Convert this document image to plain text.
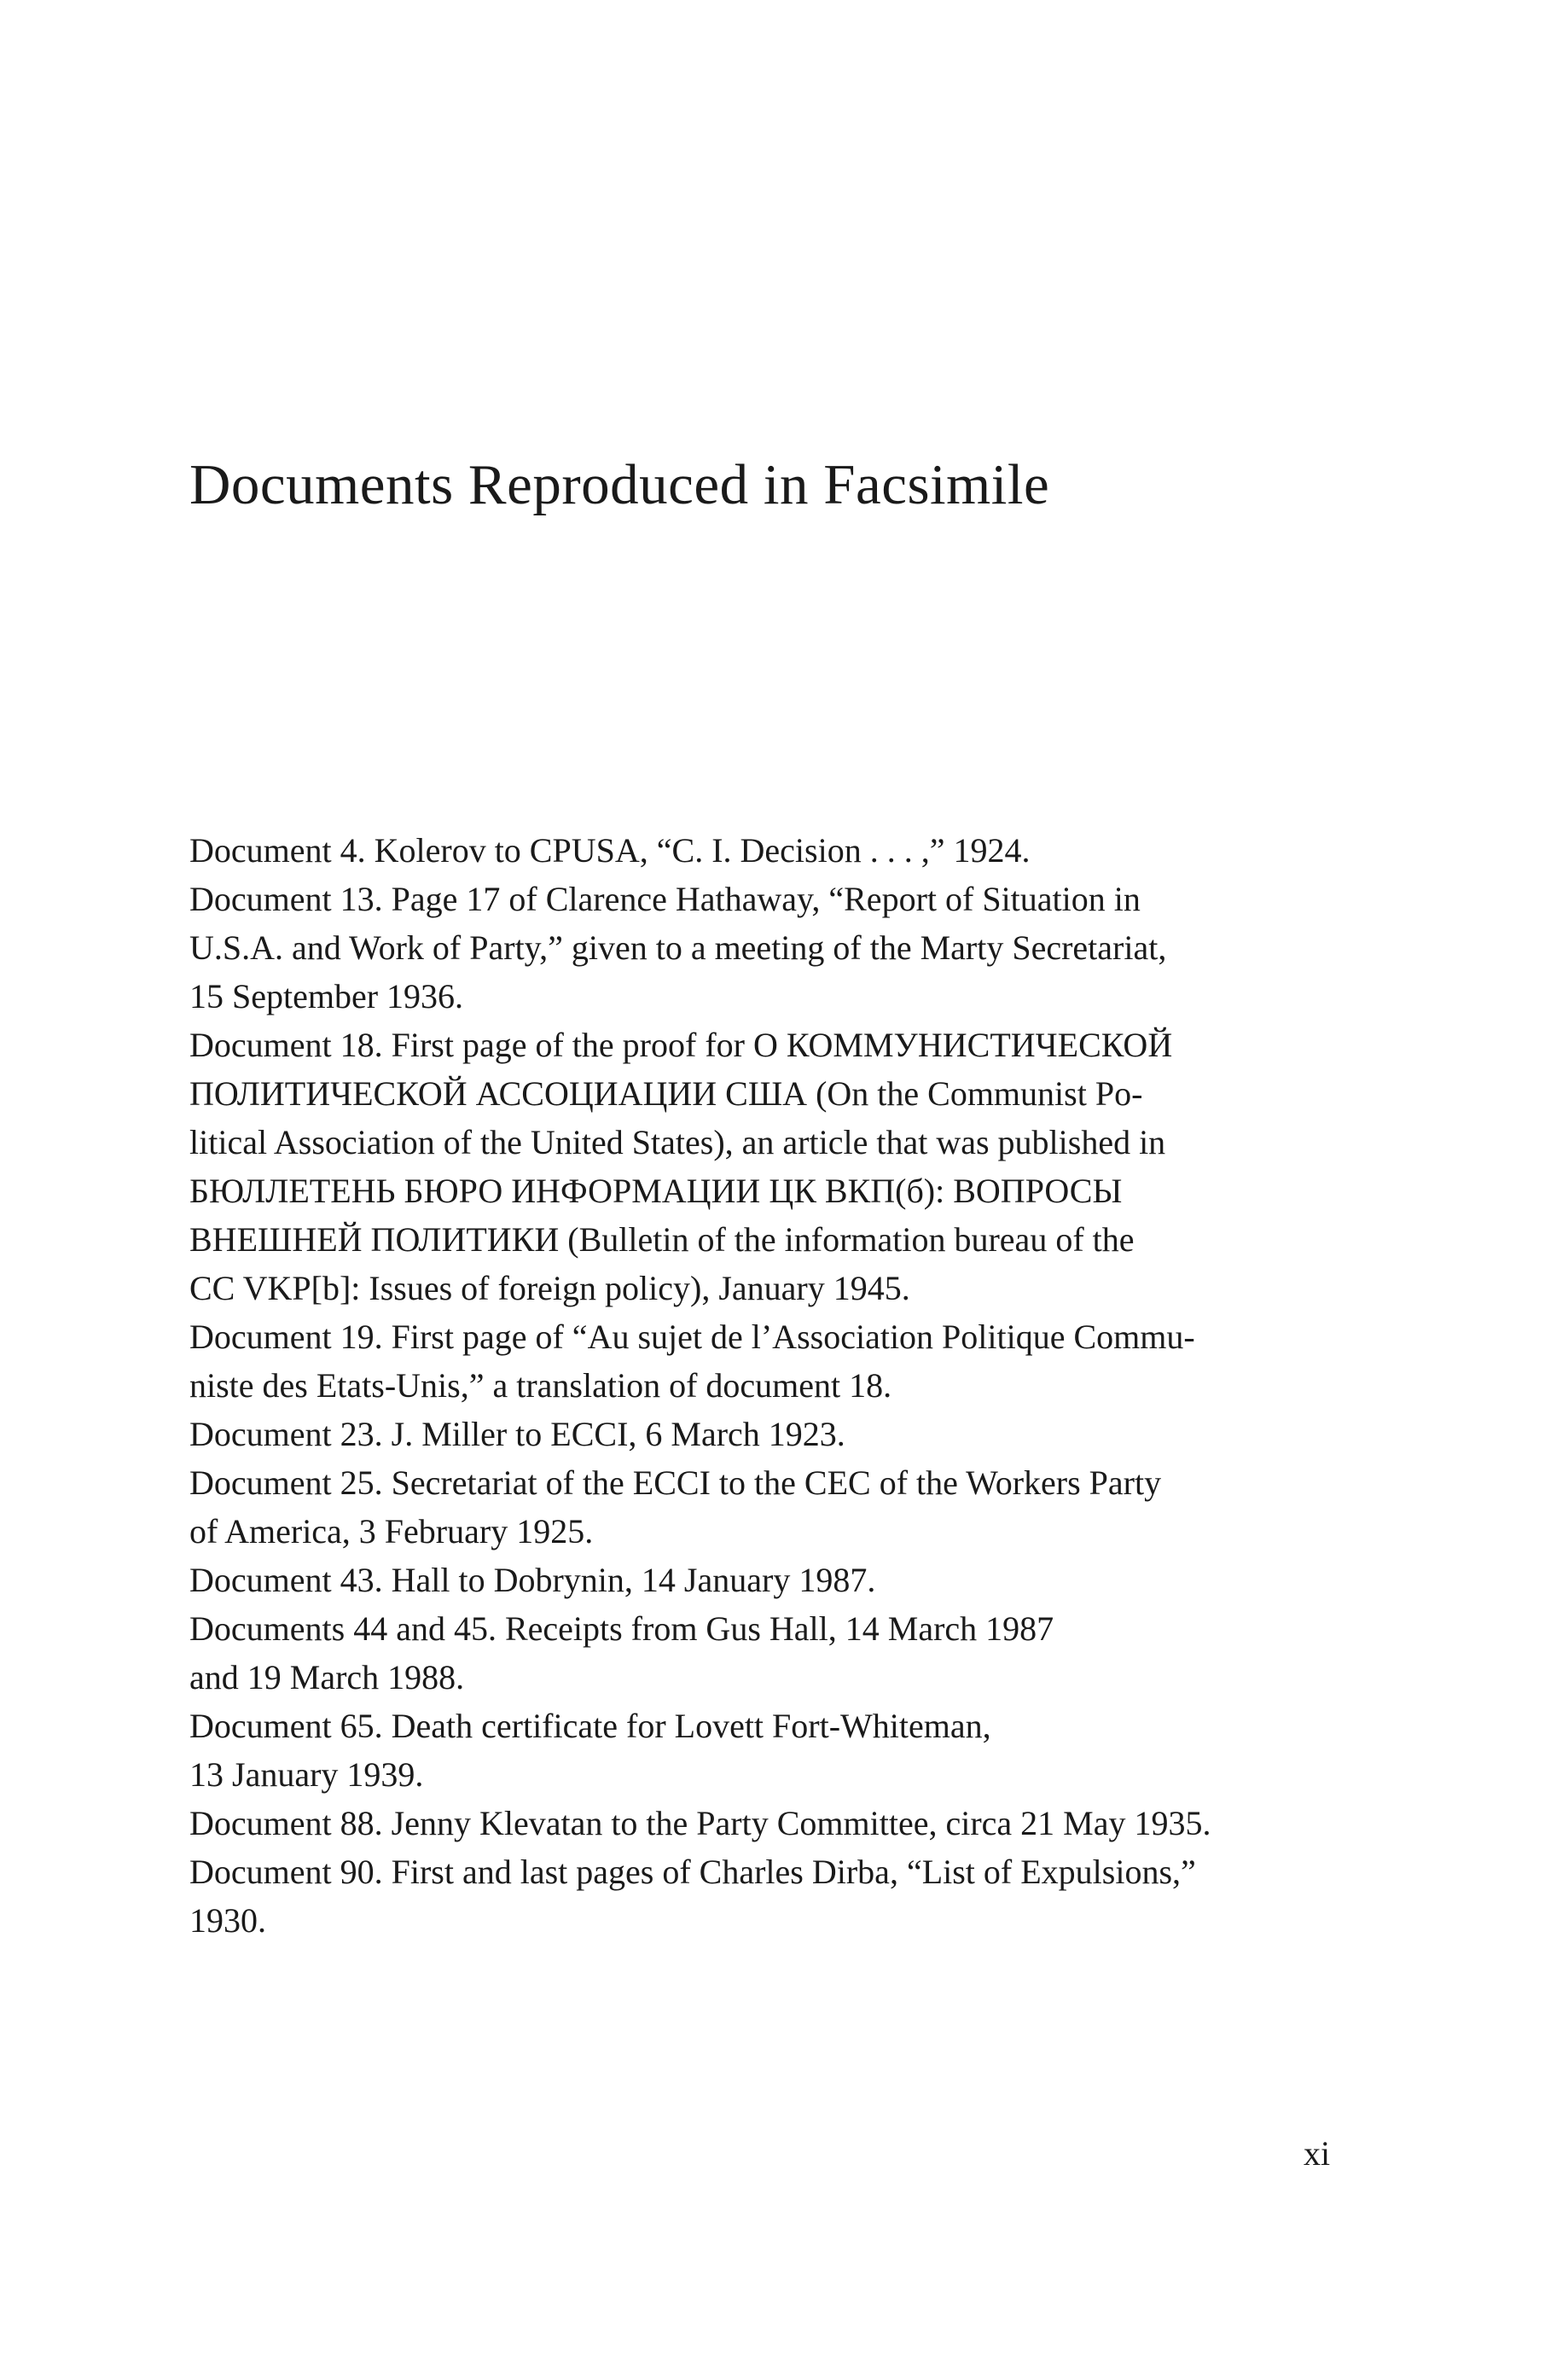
Documents Reproduced in Facsimile
Document 4. Kolerov to CPUSA, “C. I. Decision . . . ,” 1924.
Document 13. Page 17 of Clarence Hathaway, “Report of Situation in
U.S.A. and Work of Party,” given to a meeting of the Marty Secretariat,
15 September 1936.
Document 18. First page of the proof for О КОММУНИСТИЧЕСКОЙ
ПОЛИТИЧЕСКОЙ АССОЦИАЦИИ США (On the Communist Po-
litical Association of the United States), an article that was published in
БЮЛЛЕТЕНЬ БЮРО ИНФОРМАЦИИ ЦК ВКП(б): ВОПРОСЫ
ВНЕШНЕЙ ПОЛИТИКИ (Bulletin of the information bureau of the
CC VKP[b]: Issues of foreign policy), January 1945.
Document 19. First page of “Au sujet de l’Association Politique Commu-
niste des Etats-Unis,” a translation of document 18.
Document 23. J. Miller to ECCI, 6 March 1923.
Document 25. Secretariat of the ECCI to the CEC of the Workers Party
of America, 3 February 1925.
Document 43. Hall to Dobrynin, 14 January 1987.
Documents 44 and 45. Receipts from Gus Hall, 14 March 1987
and 19 March 1988.
Document 65. Death certificate for Lovett Fort-Whiteman,
13 January 1939.
Document 88. Jenny Klevatan to the Party Committee, circa 21 May 1935.
Document 90. First and last pages of Charles Dirba, “List of Expulsions,”
1930.
xi
